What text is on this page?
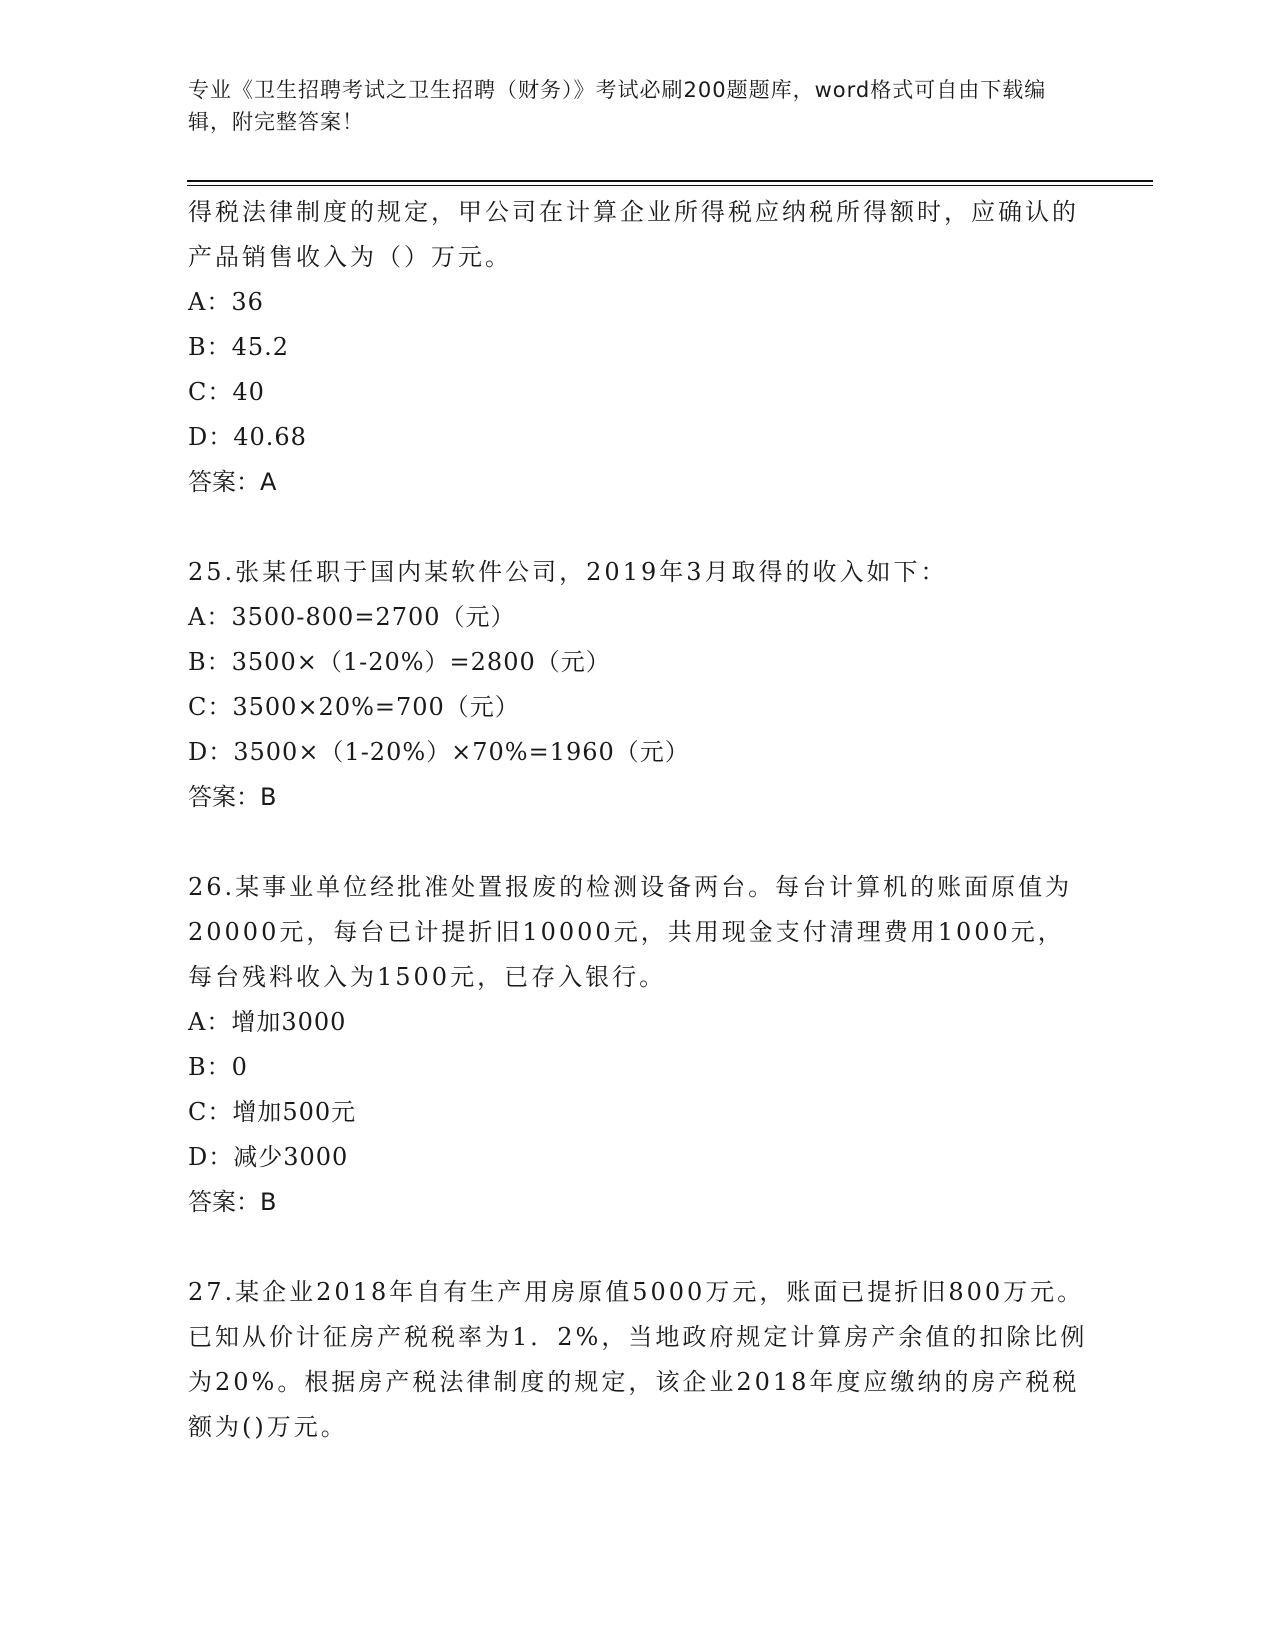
专业《卫生招聘考试之卫生招聘（财务）》考试必刷200题题库，word格式可自由下载编辑，附完整答案！

得税法律制度的规定，甲公司在计算企业所得税应纳税所得额时，应确认的产品销售收入为（）万元。

A：36

B：45.2

C：40

D：40.68

答案：A

25.张某任职于国内某软件公司，2019年3月取得的收入如下：

A：3500-800=2700（元）

B：3500×（1-20%）=2800（元）

C：3500×20%=700（元）

D：3500×（1-20%）×70%=1960（元）

答案：B

26.某事业单位经批准处置报废的检测设备两台。每台计算机的账面原值为20000元，每台已计提折旧10000元，共用现金支付清理费用1000元，每台残料收入为1500元，已存入银行。

A：增加3000

B：0

C：增加500元

D：减少3000

答案：B

27.某企业2018年自有生产用房原值5000万元，账面已提折旧800万元。已知从价计征房产税税率为1．2%，当地政府规定计算房产余值的扣除比例为20%。根据房产税法律制度的规定，该企业2018年度应缴纳的房产税税额为()万元。
